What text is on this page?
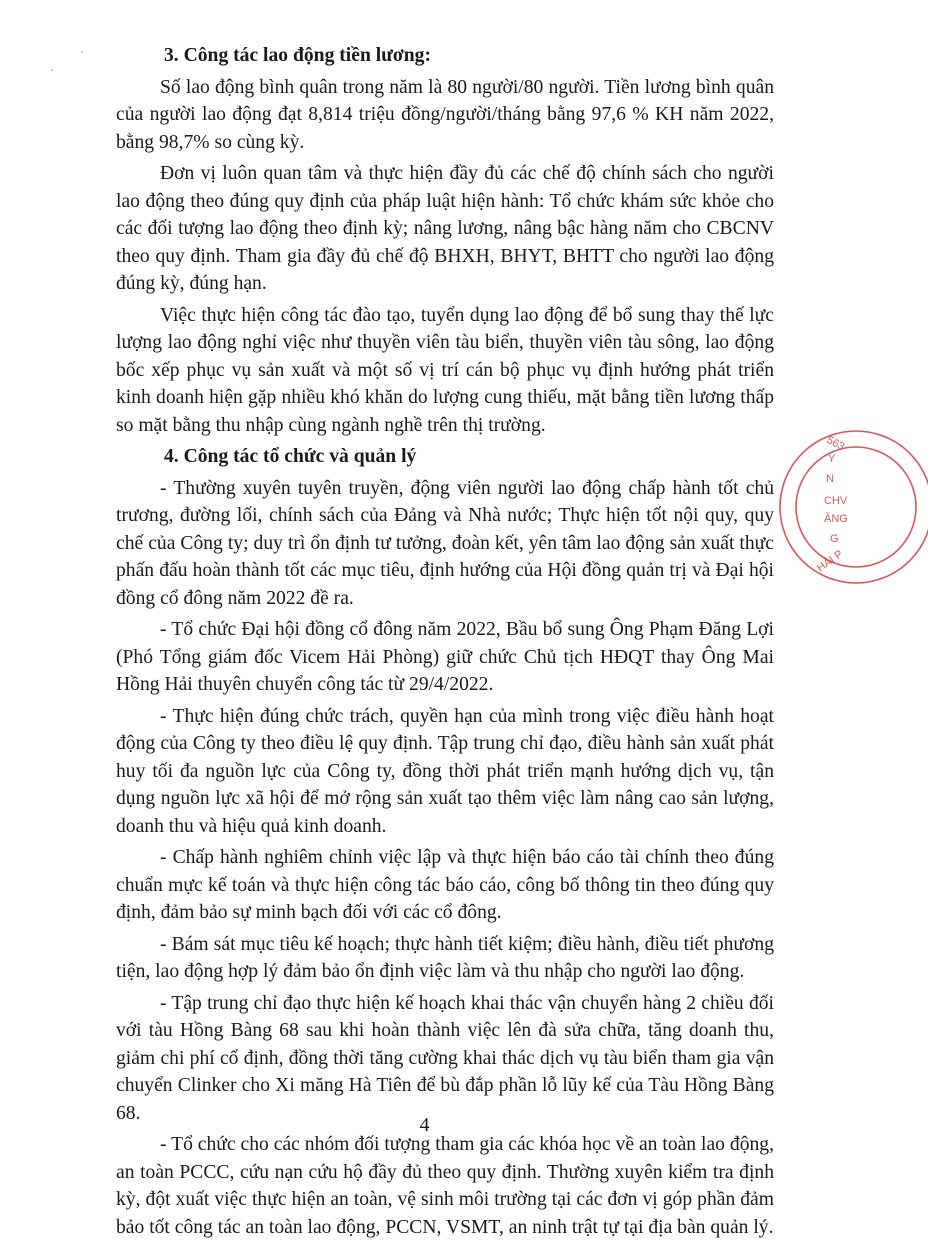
3. Công tác lao động tiền lương:

Số lao động bình quân trong năm là 80 người/80 người. Tiền lương bình quân của người lao động đạt 8,814 triệu đồng/người/tháng bằng 97,6 % KH năm 2022, bằng 98,7% so cùng kỳ.

Đơn vị luôn quan tâm và thực hiện đầy đủ các chế độ chính sách cho người lao động theo đúng quy định của pháp luật hiện hành: Tổ chức khám sức khỏe cho các đối tượng lao động theo định kỳ; nâng lương, nâng bậc hàng năm cho CBCNV theo quy định. Tham gia đầy đủ chế độ BHXH, BHYT, BHTT cho người lao động đúng kỳ, đúng hạn.

Việc thực hiện công tác đào tạo, tuyển dụng lao động để bổ sung thay thế lực lượng lao động nghỉ việc như thuyền viên tàu biển, thuyền viên tàu sông, lao động bốc xếp phục vụ sản xuất và một số vị trí cán bộ phục vụ định hướng phát triển kinh doanh hiện gặp nhiều khó khăn do lượng cung thiếu, mặt bằng tiền lương thấp so mặt bằng thu nhập cùng ngành nghề trên thị trường.

4. Công tác tổ chức và quản lý

- Thường xuyên tuyên truyền, động viên người lao động chấp hành tốt chủ trương, đường lối, chính sách của Đảng và Nhà nước; Thực hiện tốt nội quy, quy chế của Công ty; duy trì ổn định tư tưởng, đoàn kết, yên tâm lao động sản xuất thực phấn đấu hoàn thành tốt các mục tiêu, định hướng của Hội đồng quản trị và Đại hội đồng cổ đông năm 2022 đề ra.

- Tổ chức Đại hội đồng cổ đông năm 2022, Bầu bổ sung Ông Phạm Đăng Lợi (Phó Tổng giám đốc Vicem Hải Phòng) giữ chức Chủ tịch HĐQT thay Ông Mai Hồng Hải thuyên chuyển công tác từ 29/4/2022.

- Thực hiện đúng chức trách, quyền hạn của mình trong việc điều hành hoạt động của Công ty theo điều lệ quy định. Tập trung chỉ đạo, điều hành sản xuất phát huy tối đa nguồn lực của Công ty, đồng thời phát triển mạnh hướng dịch vụ, tận dụng nguồn lực xã hội để mở rộng sản xuất tạo thêm việc làm nâng cao sản lượng, doanh thu và hiệu quả kinh doanh.

- Chấp hành nghiêm chỉnh việc lập và thực hiện báo cáo tài chính theo đúng chuẩn mực kế toán và thực hiện công tác báo cáo, công bố thông tin theo đúng quy định, đảm bảo sự minh bạch đối với các cổ đông.

- Bám sát mục tiêu kế hoạch; thực hành tiết kiệm; điều hành, điều tiết phương tiện, lao động hợp lý đảm bảo ổn định việc làm và thu nhập cho người lao động.

- Tập trung chỉ đạo thực hiện kế hoạch khai thác vận chuyển hàng 2 chiều đối với tàu Hồng Bàng 68 sau khi hoàn thành việc lên đà sửa chữa, tăng doanh thu, giảm chi phí cố định, đồng thời tăng cường khai thác dịch vụ tàu biển tham gia vận chuyển Clinker cho Xi măng Hà Tiên để bù đắp phần lỗ lũy kế của Tàu Hồng Bàng 68.

- Tổ chức cho các nhóm đối tượng tham gia các khóa học về an toàn lao động, an toàn PCCC, cứu nạn cứu hộ đầy đủ theo quy định. Thường xuyên kiểm tra định kỳ, đột xuất việc thực hiện an toàn, vệ sinh môi trường tại các đơn vị góp phần đảm bảo tốt công tác an toàn lao động, PCCN, VSMT, an ninh trật tự tại địa bàn quản lý.

4
563
Y
N
CHV
ĂNG
G
HẢI P
